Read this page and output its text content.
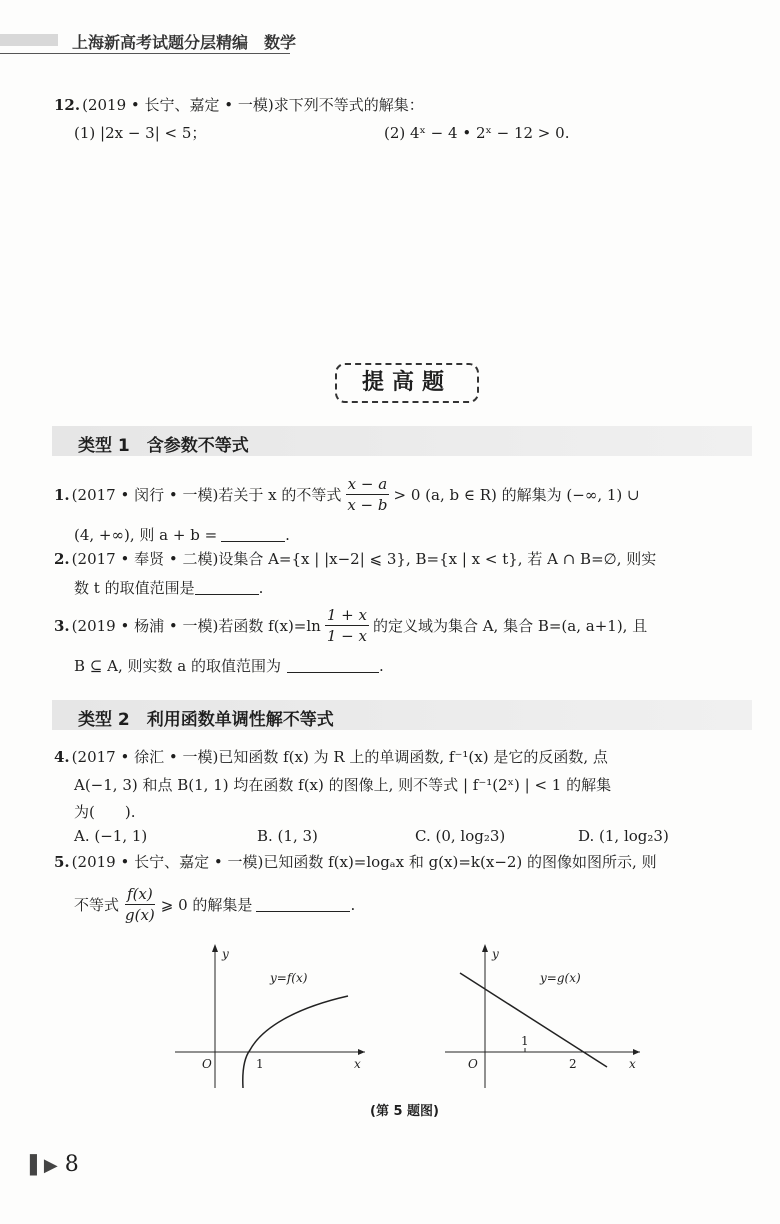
上海新高考试题分层精编　数学
12. (2019 • 长宁、嘉定 • 一模)求下列不等式的解集：
(1) |2x − 3| < 5；	(2) 4ˣ − 4 • 2ˣ − 12 > 0.
提高题
类型 1　含参数不等式
1. (2017 • 闵行 • 一模)若关于 x 的不等式 $\frac{x - a}{x - b} > 0$ (a, b ∈ R) 的解集为 (−∞, 1) ∪
(4, +∞), 则 a + b =	.
2. (2017 • 奉贤 • 二模)设集合 A={x | |x−2| ⩽ 3}, B={x | x < t}, 若 A ∩ B=∅, 则实
数 t 的取值范围是	.
3. (2019 • 杨浦 • 一模)若函数 $f(x)=\ln \frac{1 + x}{1 - x}$ 的定义域为集合 A, 集合 B=(a, a+1), 且
B ⊆ A, 则实数 a 的取值范围为	.
类型 2　利用函数单调性解不等式
4. (2017 • 徐汇 • 一模)已知函数 f(x) 为 R 上的单调函数, f⁻¹(x) 是它的反函数, 点
A(−1, 3) 和点 B(1, 1) 均在函数 f(x) 的图像上, 则不等式 | f⁻¹(2ˣ) | < 1 的解集
为(　　).
A. (−1, 1)	B. (1, 3)	C. (0, log₂3)	D. (1, log₂3)
5. (2019 • 长宁、嘉定 • 一模)已知函数 f(x)=logₐx 和 g(x)=k(x−2) 的图像如图所示, 则
不等式 $\frac{f(x)}{g(x)}$ ⩾ 0 的解集是	.
y
y=f(x)
O	1	x
y
y=g(x)
O
1
2	x
(第 5 题图)
▌▶ 8
